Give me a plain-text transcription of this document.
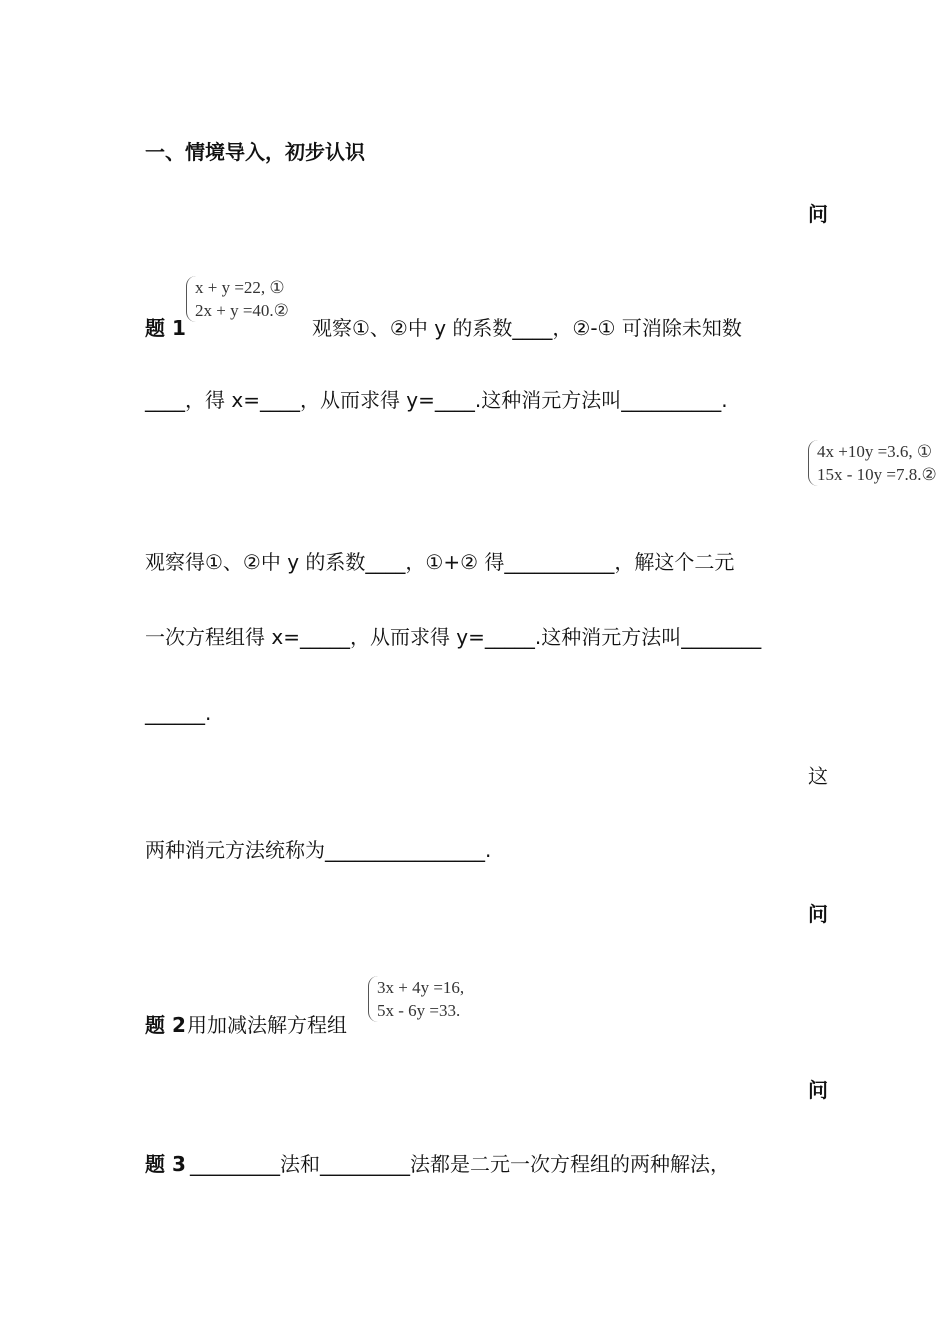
一、情境导入，初步认识
问
题 1
x + y =22, ①
2x + y =40.②
观察①、②中 y 的系数____，②-① 可消除未知数
____，得 x=____，从而求得 y=____.这种消元方法叫__________.
4x +10y =3.6, ①
15x - 10y =7.8.②
观察得①、②中 y 的系数____，①+② 得___________，解这个二元
一次方程组得 x=_____，从而求得 y=_____.这种消元方法叫________
______.
这
两种消元方法统称为________________.
问
题 2 用加减法解方程组
3x + 4y =16,
5x - 6y =33.
问
题 3 _________法和_________法都是二元一次方程组的两种解法，
